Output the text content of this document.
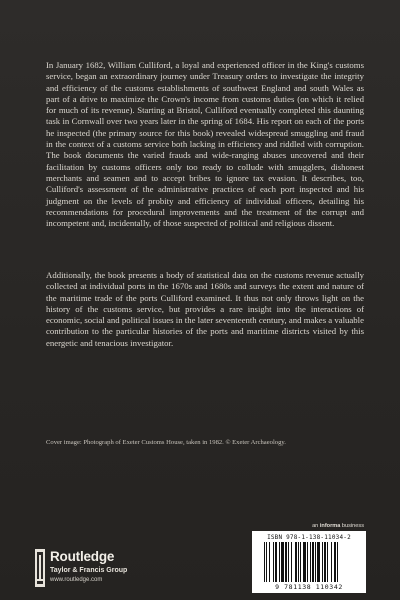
In January 1682, William Culliford, a loyal and experienced officer in the King's customs service, began an extraordinary journey under Treasury orders to investigate the integrity and efficiency of the customs establishments of southwest England and south Wales as part of a drive to maximize the Crown's income from customs duties (on which it relied for much of its revenue). Starting at Bristol, Culliford eventually completed this daunting task in Cornwall over two years later in the spring of 1684. His report on each of the ports he inspected (the primary source for this book) revealed widespread smuggling and fraud in the context of a customs service both lacking in efficiency and riddled with corruption. The book documents the varied frauds and wide-ranging abuses uncovered and their facilitation by customs officers only too ready to collude with smugglers, dishonest merchants and seamen and to accept bribes to ignore tax evasion. It describes, too, Culliford's assessment of the administrative practices of each port inspected and his judgment on the levels of probity and efficiency of individual officers, detailing his recommendations for procedural improvements and the treatment of the corrupt and incompetent and, incidentally, of those suspected of political and religious dissent.

Additionally, the book presents a body of statistical data on the customs revenue actually collected at individual ports in the 1670s and 1680s and surveys the extent and nature of the maritime trade of the ports Culliford examined. It thus not only throws light on the history of the customs service, but provides a rare insight into the interactions of economic, social and political issues in the later seventeenth century, and makes a valuable contribution to the particular histories of the ports and maritime districts visited by this energetic and tenacious investigator.

Cover image: Photograph of Exeter Customs House, taken in 1982. © Exeter Archaeology.
an informa business
ISBN 978-1-138-11034-2
9 781138 110342
Routledge
Taylor & Francis Group
www.routledge.com
